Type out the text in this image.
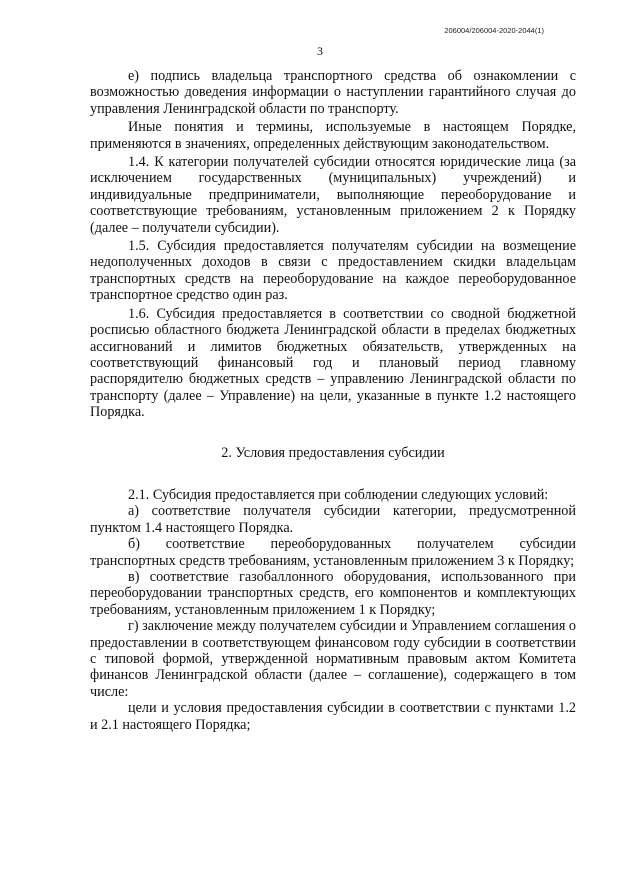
206004/206004-2020-2044(1)
3

е) подпись владельца транспортного средства об ознакомлении с возможностью доведения информации о наступлении гарантийного случая до управления Ленинградской области по транспорту.

Иные понятия и термины, используемые в настоящем Порядке, применяются в значениях, определенных действующим законодательством.

1.4. К категории получателей субсидии относятся юридические лица (за исключением государственных (муниципальных) учреждений) и индивидуальные предприниматели, выполняющие переоборудование и соответствующие требованиям, установленным приложением 2 к Порядку (далее – получатели субсидии).

1.5. Субсидия предоставляется получателям субсидии на возмещение недополученных доходов в связи с предоставлением скидки владельцам транспортных средств на переоборудование на каждое переоборудованное транспортное средство один раз.

1.6. Субсидия предоставляется в соответствии со сводной бюджетной росписью областного бюджета Ленинградской области в пределах бюджетных ассигнований и лимитов бюджетных обязательств, утвержденных на соответствующий финансовый год и плановый период главному распорядителю бюджетных средств – управлению Ленинградской области по транспорту (далее – Управление) на цели, указанные в пункте 1.2 настоящего Порядка.

2. Условия предоставления субсидии

2.1. Субсидия предоставляется при соблюдении следующих условий:

а) соответствие получателя субсидии категории, предусмотренной пунктом 1.4 настоящего Порядка.

б) соответствие переоборудованных получателем субсидии транспортных средств требованиям, установленным приложением 3 к Порядку;

в) соответствие газобаллонного оборудования, использованного при переоборудовании транспортных средств, его компонентов и комплектующих требованиям, установленным приложением 1 к Порядку;

г) заключение между получателем субсидии и Управлением соглашения о предоставлении в соответствующем финансовом году субсидии в соответствии с типовой формой, утвержденной нормативным правовым актом Комитета финансов Ленинградской области (далее – соглашение), содержащего в том числе:

цели и условия предоставления субсидии в соответствии с пунктами 1.2 и 2.1 настоящего Порядка;
